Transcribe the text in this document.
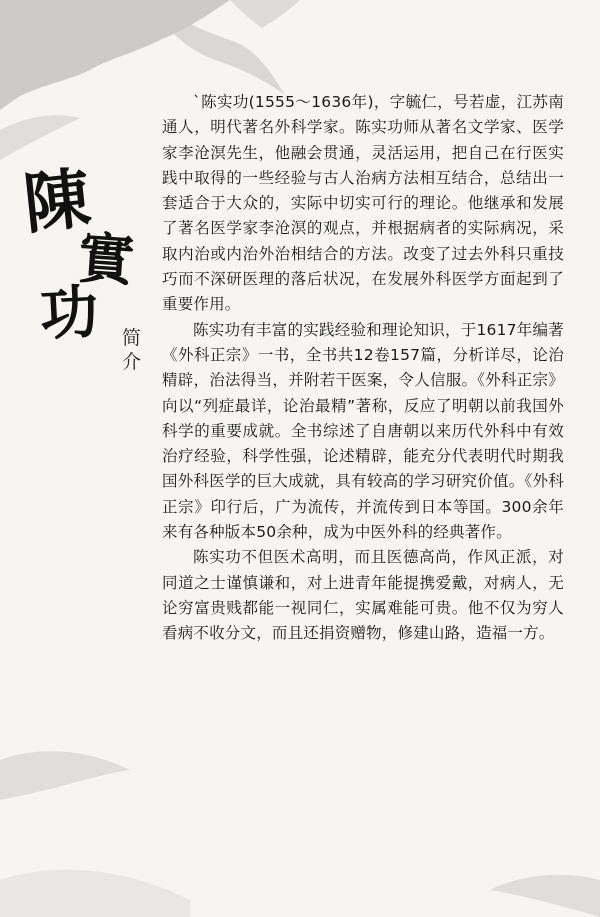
陳
實
功 简
介

`陈实功(1555～1636年)，字毓仁，号若虚，江苏南通人，明代著名外科学家。陈实功师从著名文学家、医学家李沧溟先生，他融会贯通，灵活运用，把自己在行医实践中取得的一些经验与古人治病方法相互结合，总结出一套适合于大众的，实际中切实可行的理论。他继承和发展了著名医学家李沧溟的观点，并根据病者的实际病况，采取内治或内治外治相结合的方法。改变了过去外科只重技巧而不深研医理的落后状况，在发展外科医学方面起到了重要作用。

陈实功有丰富的实践经验和理论知识，于1617年编著《外科正宗》一书，全书共12卷157篇，分析详尽，论治精辟，治法得当，并附若干医案，令人信服。《外科正宗》向以“列症最详，论治最精”著称，反应了明朝以前我国外科学的重要成就。全书综述了自唐朝以来历代外科中有效治疗经验，科学性强，论述精辟，能充分代表明代时期我国外科医学的巨大成就，具有较高的学习研究价值。《外科正宗》印行后，广为流传，并流传到日本等国。300余年来有各种版本50余种，成为中医外科的经典著作。

陈实功不但医术高明，而且医德高尚，作风正派，对同道之士谨慎谦和，对上进青年能提携爱戴，对病人，无论穷富贵贱都能一视同仁，实属难能可贵。他不仅为穷人看病不收分文，而且还捐资赠物，修建山路，造福一方。
